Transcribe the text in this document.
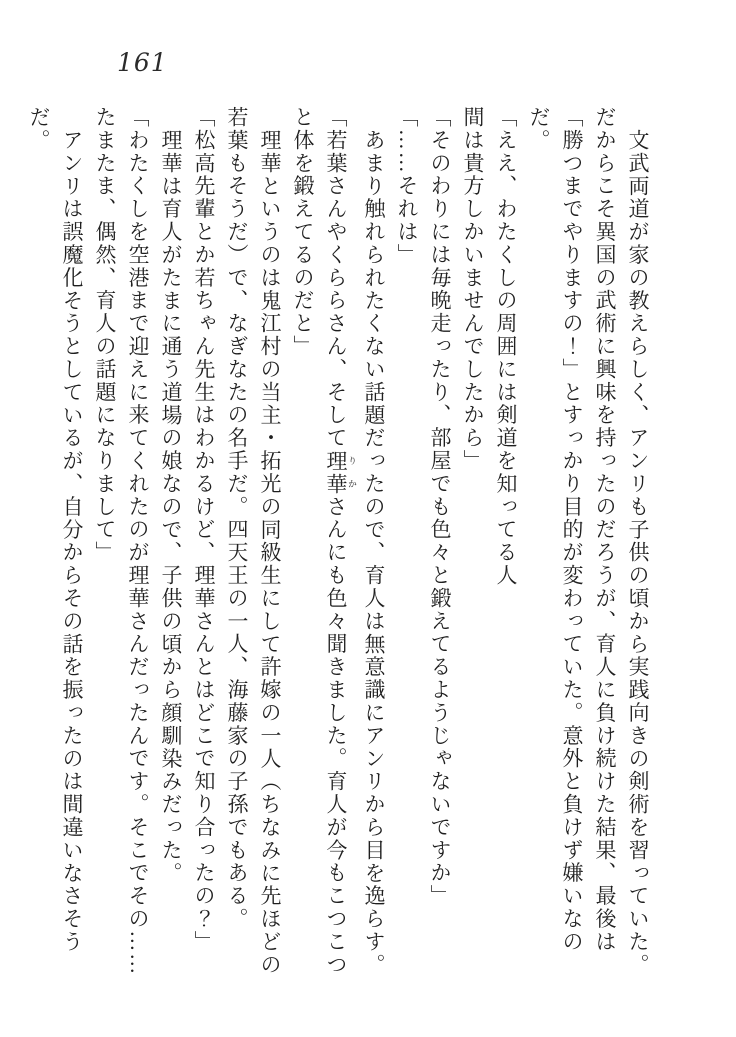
161
文武両道が家の教えらしく、アンリも子供の頃から実践向きの剣術を習っていた。
だからこそ異国の武術に興味を持ったのだろうが、育人に負け続けた結果、最後は
「勝つまでやりますの！」とすっかり目的が変わっていた。意外と負けず嫌いなのだ。
「ええ、わたくしの周囲には剣道を知ってる人
間は貴方しかいませんでしたから」
「そのわりには毎晩走ったり、部屋でも色々と鍛えてるようじゃないですか」
「……それは」
あまり触れられたくない話題だったので、育人は無意識にアンリから目を逸らす。
「若葉さんやくららさん、そして理華 りかさんにも色々聞きました。育人が今もこつこつ
と体を鍛えてるのだと」
理華というのは鬼江村の当主・拓光の同級生にして許嫁の一人（ちなみに先ほどの
若葉もそうだ）で、なぎなたの名手だ。四天王の一人、海藤家の子孫でもある。
「松高先輩とか若ちゃん先生はわかるけど、理華さんとはどこで知り合ったの？」
理華は育人がたまに通う道場の娘なので、子供の頃から顔馴染みだった。
「わたくしを空港まで迎えに来てくれたのが理華さんだったんです。そこでその……
たまたま、偶然、育人の話題になりまして」
アンリは誤魔化そうとしているが、自分からその話を振ったのは間違いなさそうだ。
